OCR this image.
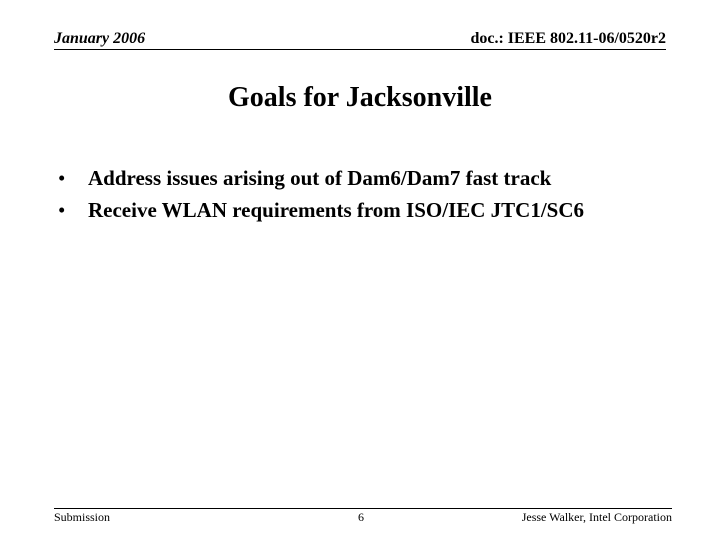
January 2006	doc.: IEEE 802.11-06/0520r2
Goals for Jacksonville
• Address issues arising out of Dam6/Dam7 fast track
• Receive WLAN requirements from ISO/IEC JTC1/SC6
Submission	6	Jesse Walker, Intel Corporation
